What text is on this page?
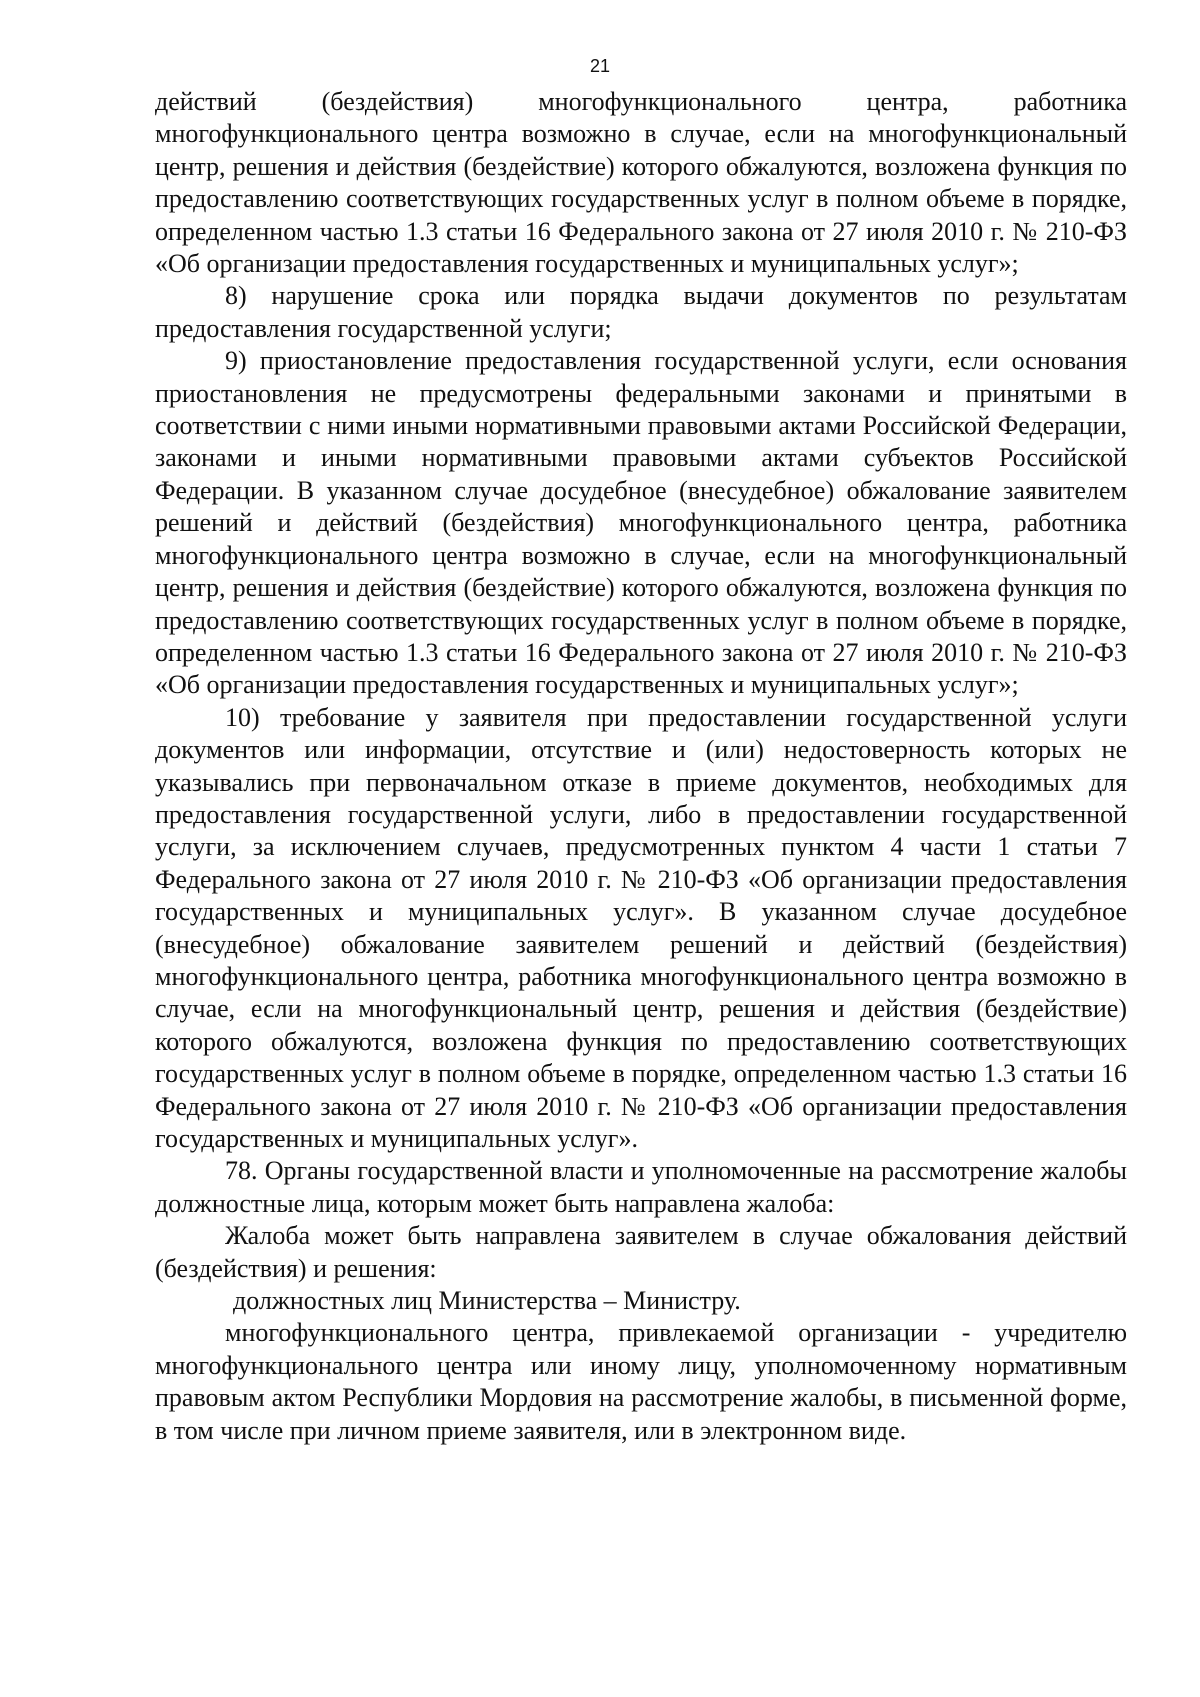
21

действий (бездействия) многофункционального центра, работника многофункционального центра возможно в случае, если на многофункциональный центр, решения и действия (бездействие) которого обжалуются, возложена функция по предоставлению соответствующих государственных услуг в полном объеме в порядке, определенном частью 1.3 статьи 16 Федерального закона от 27 июля 2010 г. № 210-ФЗ «Об организации предоставления государственных и муниципальных услуг»;

8) нарушение срока или порядка выдачи документов по результатам предоставления государственной услуги;

9) приостановление предоставления государственной услуги, если основания приостановления не предусмотрены федеральными законами и принятыми в соответствии с ними иными нормативными правовыми актами Российской Федерации, законами и иными нормативными правовыми актами субъектов Российской Федерации. В указанном случае досудебное (внесудебное) обжалование заявителем решений и действий (бездействия) многофункционального центра, работника многофункционального центра возможно в случае, если на многофункциональный центр, решения и действия (бездействие) которого обжалуются, возложена функция по предоставлению соответствующих государственных услуг в полном объеме в порядке, определенном частью 1.3 статьи 16 Федерального закона от 27 июля 2010 г. № 210-ФЗ «Об организации предоставления государственных и муниципальных услуг»;

10) требование у заявителя при предоставлении государственной услуги документов или информации, отсутствие и (или) недостоверность которых не указывались при первоначальном отказе в приеме документов, необходимых для предоставления государственной услуги, либо в предоставлении государственной услуги, за исключением случаев, предусмотренных пунктом 4 части 1 статьи 7 Федерального закона от 27 июля 2010 г. № 210-ФЗ «Об организации предоставления государственных и муниципальных услуг». В указанном случае досудебное (внесудебное) обжалование заявителем решений и действий (бездействия) многофункционального центра, работника многофункционального центра возможно в случае, если на многофункциональный центр, решения и действия (бездействие) которого обжалуются, возложена функция по предоставлению соответствующих государственных услуг в полном объеме в порядке, определенном частью 1.3 статьи 16 Федерального закона от 27 июля 2010 г. № 210-ФЗ «Об организации предоставления государственных и муниципальных услуг».

78. Органы государственной власти и уполномоченные на рассмотрение жалобы должностные лица, которым может быть направлена жалоба:

Жалоба может быть направлена заявителем в случае обжалования действий (бездействия) и решения:

должностных лиц Министерства – Министру.

многофункционального центра, привлекаемой организации - учредителю многофункционального центра или иному лицу, уполномоченному нормативным правовым актом Республики Мордовия на рассмотрение жалобы, в письменной форме, в том числе при личном приеме заявителя, или в электронном виде.
